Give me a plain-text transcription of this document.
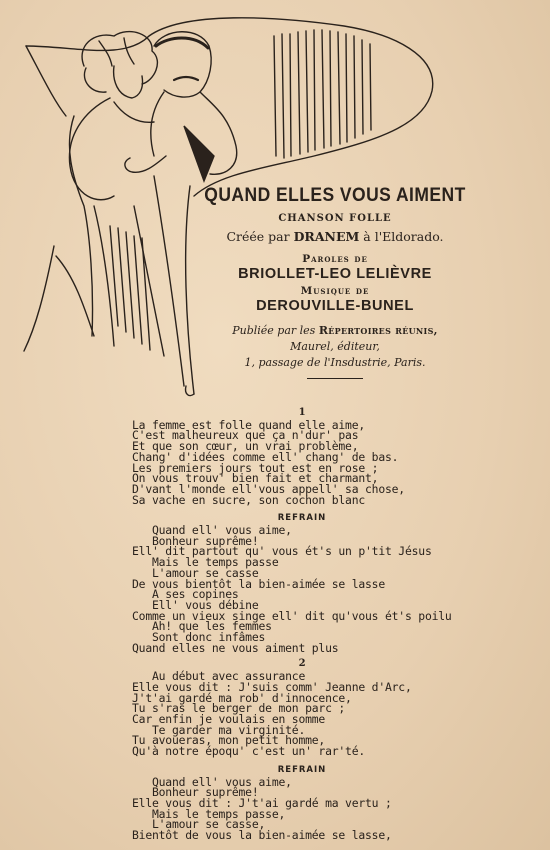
QUAND ELLES VOUS AIMENT
CHANSON FOLLE
Créée par DRANEM à l'Eldorado.
Paroles de
BRIOLLET-LEO LELIÈVRE
Musique de
DEROUVILLE-BUNEL
Publiée par les Répertoires réunis,
Maurel, éditeur,
1, passage de l'Insdustrie, Paris.
1
La femme est folle quand elle aime,
C'est malheureux que ça n'dur' pas
Et que son cœur, un vrai problème,
Chang' d'idées comme ell' chang' de bas.
Les premiers jours tout est en rose ;
On vous trouv' bien fait et charmant,
D'vant l'monde ell'vous appell' sa chose,
Sa vache en sucre, son cochon blanc
REFRAIN
Quand ell' vous aime,
Bonheur suprême!
Ell' dit partout qu' vous ét's un p'tit Jésus
Mais le temps passe
L'amour se casse
De vous bientôt la bien-aimée se lasse
A ses copines
Ell' vous débine
Comme un vieux singe ell' dit qu'vous ét's poilu
Ah! que les femmes
Sont donc infâmes
Quand elles ne vous aiment plus
2
Au début avec assurance
Elle vous dit : J'suis comm' Jeanne d'Arc,
J't'ai gardé ma rob' d'innocence,
Tu s'ras le berger de mon parc ;
Car enfin je voulais en somme
Te garder ma virginité.
Tu avoueras, mon petit homme,
Qu'à notre époqu' c'est un' rar'té.
REFRAIN
Quand ell' vous aime,
Bonheur suprême!
Elle vous dit : J't'ai gardé ma vertu ;
Mais le temps passe,
L'amour se casse,
Bientôt de vous la bien-aimée se lasse,
